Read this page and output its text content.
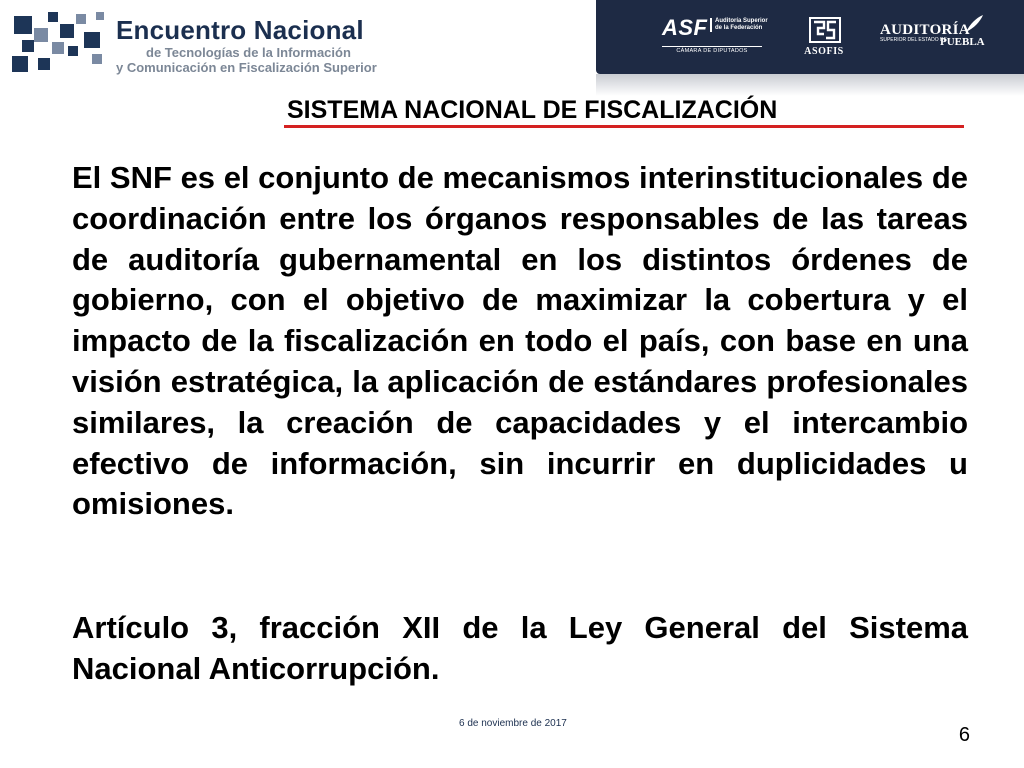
Encuentro Nacional
de Tecnologías de la Información
y Comunicación en Fiscalización Superior
ASF	Auditoría Superior de la Federación
CÁMARA DE DIPUTADOS	ASOFIS
AUDITORÍA
SUPERIOR DEL ESTADO DE
PUEBLA
SISTEMA NACIONAL DE FISCALIZACIÓN

El SNF es el conjunto de mecanismos interinstitucionales de coordinación entre los órganos responsables de las tareas de auditoría gubernamental en los distintos órdenes de gobierno, con el objetivo de maximizar la cobertura y el impacto de la fiscalización en todo el país, con base en una visión estratégica, la aplicación de estándares profesionales similares, la creación de capacidades y el intercambio efectivo de información, sin incurrir en duplicidades u omisiones.

Artículo 3, fracción XII de la Ley General del Sistema Nacional Anticorrupción.

6 de noviembre de 2017
6
